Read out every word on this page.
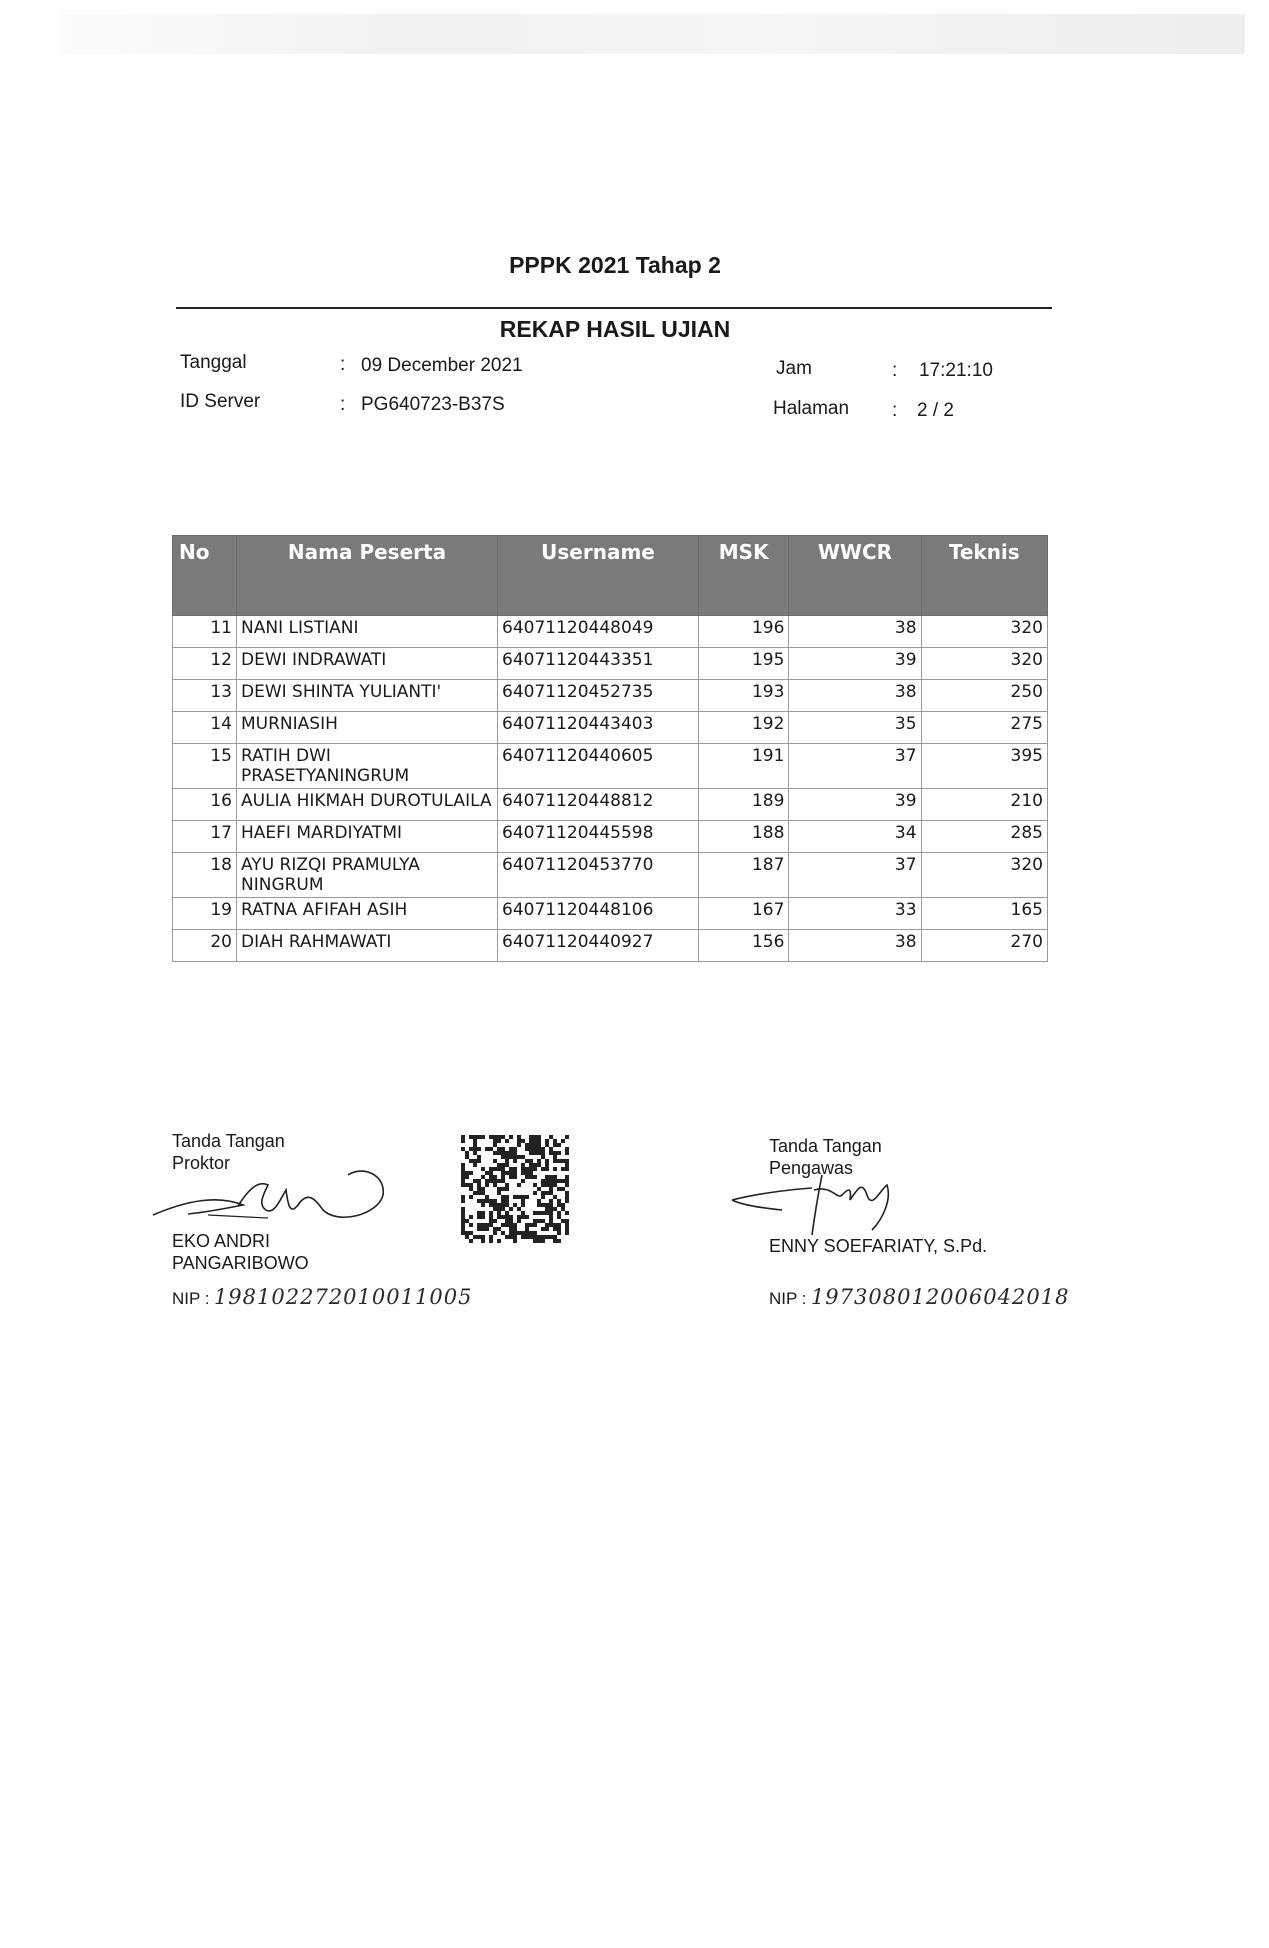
PPPK 2021 Tahap 2
REKAP HASIL UJIAN
Tanggal	: 09 December 2021
ID Server	: PG640723-B37S
Jam	: 17:21:10
Halaman : 2 / 2
No	Nama Peserta	Username	MSK	WWCR	Teknis
11	NANI LISTIANI	64071120448049	196	38	320
12	DEWI INDRAWATI	64071120443351	195	39	320
13	DEWI SHINTA YULIANTI'	64071120452735	193	38	250
14	MURNIASIH	64071120443403	192	35	275
15	RATIH DWI PRASETYANINGRUM	64071120440605	191	37	395
16	AULIA HIKMAH DUROTULAILA	64071120448812	189	39	210
17	HAEFI MARDIYATMI	64071120445598	188	34	285
18	AYU RIZQI PRAMULYA NINGRUM	64071120453770	187	37	320
19	RATNA AFIFAH ASIH	64071120448106	167	33	165
20	DIAH RAHMAWATI	64071120440927	156	38	270
Tanda Tangan
Proktor
EKO ANDRI
PANGARIBOWO
NIP : 198102272010011005
Tanda Tangan
Pengawas
ENNY SOEFARIATY, S.Pd.
NIP : 197308012006042018
